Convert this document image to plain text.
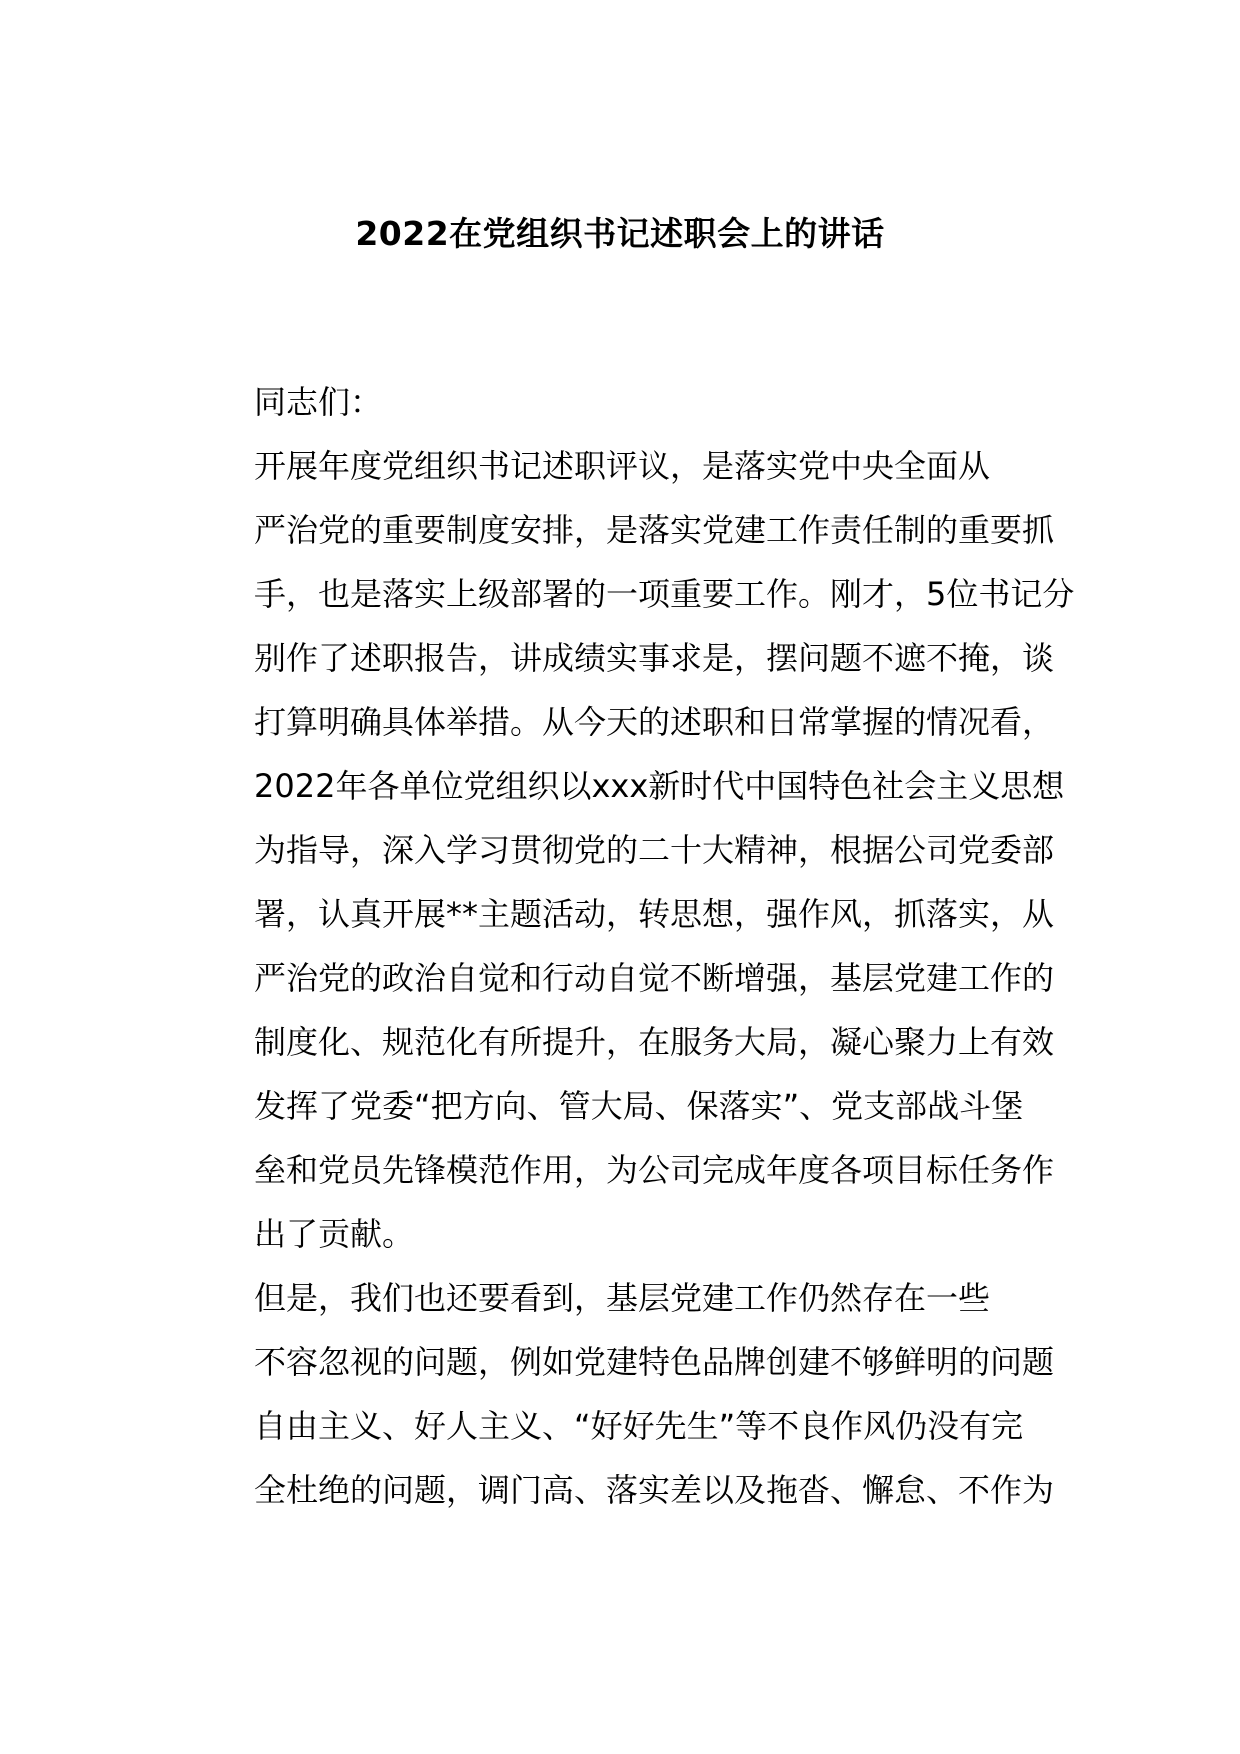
2022在党组织书记述职会上的讲话

同志们：

开展年度党组织书记述职评议，是落实党中央全面从
严治党的重要制度安排，是落实党建工作责任制的重要抓
手，也是落实上级部署的一项重要工作。刚才，5位书记分
别作了述职报告，讲成绩实事求是，摆问题不遮不掩，谈
打算明确具体举措。从今天的述职和日常掌握的情况看，
2022年各单位党组织以xxx新时代中国特色社会主义思想
为指导，深入学习贯彻党的二十大精神，根据公司党委部
署，认真开展**主题活动，转思想，强作风，抓落实，从
严治党的政治自觉和行动自觉不断增强，基层党建工作的
制度化、规范化有所提升，在服务大局，凝心聚力上有效
发挥了党委“把方向、管大局、保落实”、党支部战斗堡
垒和党员先锋模范作用，为公司完成年度各项目标任务作
出了贡献。

但是，我们也还要看到，基层党建工作仍然存在一些
不容忽视的问题，例如党建特色品牌创建不够鲜明的问题
自由主义、好人主义、“好好先生”等不良作风仍没有完
全杜绝的问题，调门高、落实差以及拖沓、懈怠、不作为
